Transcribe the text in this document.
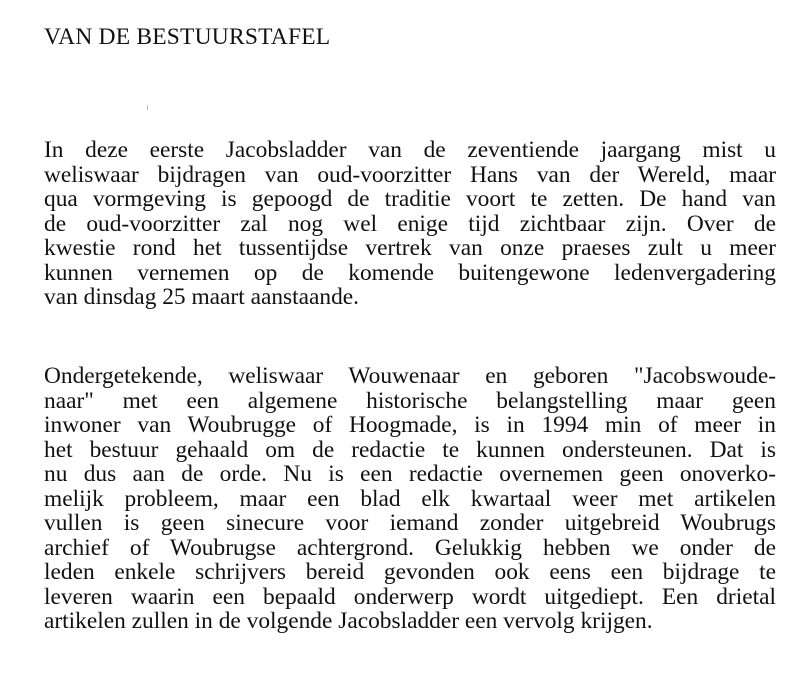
VAN DE BESTUURSTAFEL
In deze eerste Jacobsladder van de zeventiende jaargang mist u
weliswaar bijdragen van oud-voorzitter Hans van der Wereld, maar
qua vormgeving is gepoogd de traditie voort te zetten. De hand van
de oud-voorzitter zal nog wel enige tijd zichtbaar zijn. Over de
kwestie rond het tussentijdse vertrek van onze praeses zult u meer
kunnen vernemen op de komende buitengewone ledenvergadering
van dinsdag 25 maart aanstaande.
Ondergetekende, weliswaar Wouwenaar en geboren "Jacobswoude-
naar" met een algemene historische belangstelling maar geen
inwoner van Woubrugge of Hoogmade, is in 1994 min of meer in
het bestuur gehaald om de redactie te kunnen ondersteunen. Dat is
nu dus aan de orde. Nu is een redactie overnemen geen onoverko-
melijk probleem, maar een blad elk kwartaal weer met artikelen
vullen is geen sinecure voor iemand zonder uitgebreid Woubrugs
archief of Woubrugse achtergrond. Gelukkig hebben we onder de
leden enkele schrijvers bereid gevonden ook eens een bijdrage te
leveren waarin een bepaald onderwerp wordt uitgediept. Een drietal
artikelen zullen in de volgende Jacobsladder een vervolg krijgen.
